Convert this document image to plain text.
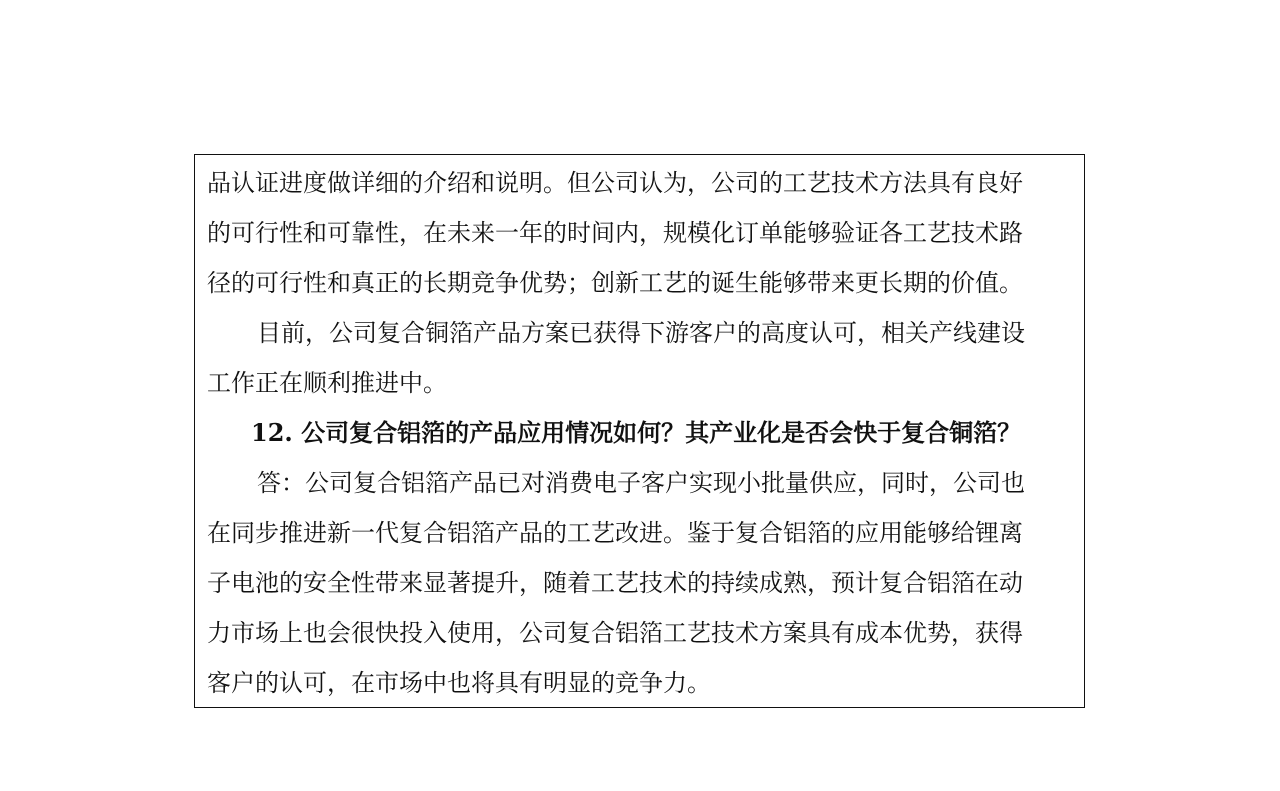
品认证进度做详细的介绍和说明。但公司认为，公司的工艺技术方法具有良好
的可行性和可靠性，在未来一年的时间内，规模化订单能够验证各工艺技术路
径的可行性和真正的长期竞争优势；创新工艺的诞生能够带来更长期的价值。
目前，公司复合铜箔产品方案已获得下游客户的高度认可，相关产线建设
工作正在顺利推进中。
12. 公司复合铝箔的产品应用情况如何？其产业化是否会快于复合铜箔？
答：公司复合铝箔产品已对消费电子客户实现小批量供应，同时，公司也
在同步推进新一代复合铝箔产品的工艺改进。鉴于复合铝箔的应用能够给锂离
子电池的安全性带来显著提升，随着工艺技术的持续成熟，预计复合铝箔在动
力市场上也会很快投入使用，公司复合铝箔工艺技术方案具有成本优势，获得
客户的认可，在市场中也将具有明显的竞争力。
